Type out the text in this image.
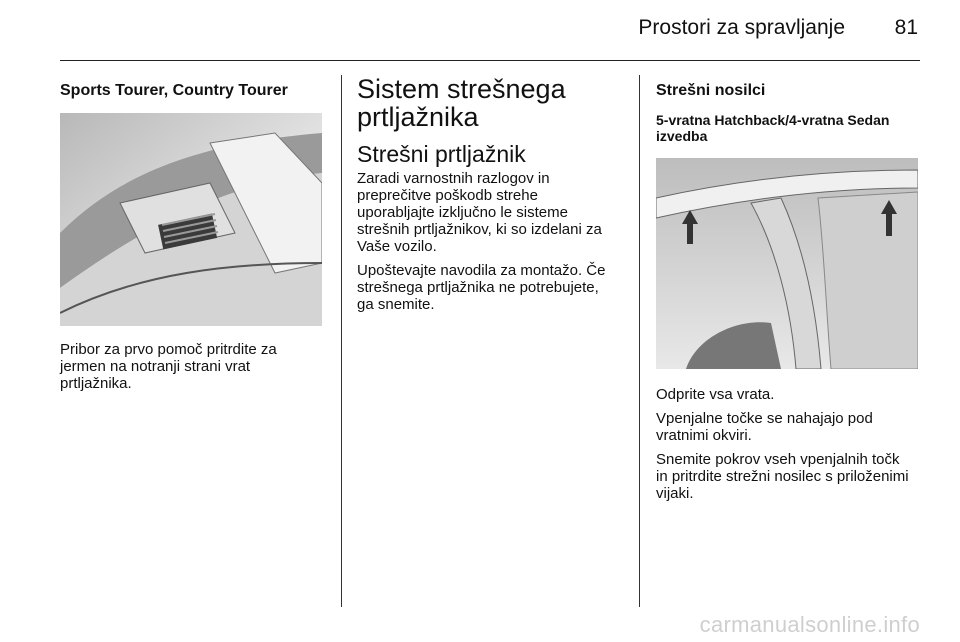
Prostori za spravljanje 81
Sports Tourer, Country Tourer

Pribor za prvo pomoč pritrdite za
jermen na notranji strani vrat
prtljažnika.

Sistem strešnega
prtljažnika
Strešni prtljažnik

Zaradi varnostnih razlogov in
preprečitve poškodb strehe
uporabljajte izključno le sisteme
strešnih prtljažnikov, ki so izdelani za
Vaše vozilo.

Upoštevajte navodila za montažo. Če
strešnega prtljažnika ne potrebujete,
ga snemite.

Strešni nosilci
5-vratna Hatchback/4-vratna Sedan
izvedba

Odprite vsa vrata.

Vpenjalne točke se nahajajo pod
vratnimi okviri.

Snemite pokrov vseh vpenjalnih točk
in pritrdite strežni nosilec s priloženimi
vijaki.

carmanualsonline.info
